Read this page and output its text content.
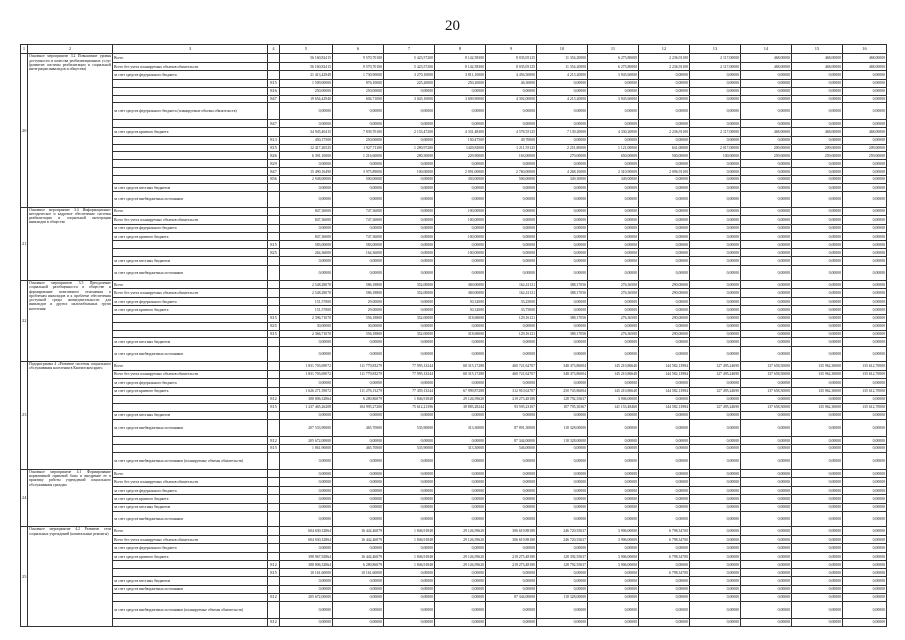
20
1	2	3	4	5	6	7	8	9	10	11	12	13	14	15	16
20	Основное мероприятие 3.2 Повышение уровня доступности и качества реабилитационных услуг (развитие системы реабилитации и социальной интеграции инвалидов и общества)	Всего		56 160,82415	9 570,70100	5 423,57200	8 142,58300	8 035,05125	11 354,20000	6 275,80000	2 236,91100	2 117,00000	468,00000	468,00000	468,00000
		Всего без учета планируемых объемов обязательств		56 160,82415	9 570,70100	5 423,57200	8 142,58300	8 035,05125	11 354,20000	6 275,80000	2 236,91100	2 117,00000	468,00000	468,00000	468,00000
		за счет средств федерального бюджета		21 413,42940	1 730,90000	3 270,10000	3 811,10000	4 456,50000	4 215,20000	3 945,60000	0,00000	0,00000	0,00000	0,00000	0,00000
			815	1 509,00000	876,10000	225,20000	250,20000	46,30000	0,00000	0,00000	0,00000	0,00000	0,00000	0,00000	0,00000
			816	250,00000	250,00000	0,00000	0,00000	0,00000	0,00000	0,00000	0,00000	0,00000	0,00000	0,00000	0,00000
			847	19 654,42940	604,71000	3 045,10000	3 609,90000	4 392,00000	4 215,20000	3 945,60000	0,00000	0,00000	0,00000	0,00000	0,00000
		за счет средств федерального бюджета (планируемые объемы обязательств)		0,00000	0,00000	0,00000	0,00000	0,00000	0,00000	0,00000	0,00000	0,00000	0,00000	0,00000	0,00000
			847	0,00000	0,00000	0,00000	0,00000	0,00000	0,00000	0,00000	0,00000	0,00000	0,00000	0,00000	0,00000
		за счет средств краевого бюджета		34 945,40415	7 839,70100	2 153,47200	4 331,48300	4 578,55125	7 139,20000	4 330,20000	2 236,91100	2 117,00000	468,00000	468,00000	468,00000
			813	450,17500	250,00000	0,00000	150,47500	49,70000	0,00000	0,00000	0,00000	0,00000	0,00000	0,00000	0,00000
			815	12 417,26525	1 927,71100	1 280,97200	1429,82000	1 211,55125	2 251,80000	1 121,00000	641,00000	2 017,00000	209,00000	209,00000	209,00000
			826	6 391,10000	1 216,60000	280,50000	229,90000	163,00000	270,00000	650,00000	500,00000	100,00000	259,00000	259,00000	259,00000
			829	0,00000	0,00000	0,00000	0,00000	0,00000	0,00000	0,00000	0,00000	0,00000	0,00000	0,00000	0,00000
			847	15 490,16490	3 975,89000	100,00000	2 091,00000	2 760,00000	4 268,10000	2 310,90000	2 096,91100	0,00000	0,00000	0,00000	0,00000
			856	2 948,00000	500,00000	0,00000	350,00000	500,00000	349,30000	349,00000	0,00000	0,00000	0,00000	0,00000	0,00000
		за счет средств местных бюджетов		0,00000	0,00000	0,00000	0,00000	0,00000	0,00000	0,00000	0,00000	0,00000	0,00000	0,00000	0,00000
		за счет средств внебюджетных источников		0,00000	0,00000	0,00000	0,00000	0,00000	0,00000	0,00000	0,00000	0,00000	0,00000	0,00000	0,00000
21	Основное мероприятие 3.4 Информационно-методическое и кадровое обеспечение системы реабилитации и социальной интеграции инвалидов в общество	Всего		847,36000	747,36000	0,00000	100,00000	0,00000	0,00000	0,00000	0,00000	0,00000	0,00000	0,00000	0,00000
		Всего без учета планируемых объемов обязательств		847,36000	747,36000	0,00000	100,00000	0,00000	0,00000	0,00000	0,00000	0,00000	0,00000	0,00000	0,00000
		за счет средств федерального бюджета		0,00000	0,00000	0,00000	0,00000	0,00000	0,00000	0,00000	0,00000	0,00000	0,00000	0,00000	0,00000
		за счет средств краевого бюджета		847,36000	747,36000	0,00000	100,00000	0,00000	0,00000	0,00000	0,00000	0,00000	0,00000	0,00000	0,00000
			815	583,00000	583,00000	0,00000	0,00000	0,00000	0,00000	0,00000	0,00000	0,00000	0,00000	0,00000	0,00000
			825	264,36000	164,36000	0,00000	100,00000	0,00000	0,00000	0,00000	0,00000	0,00000	0,00000	0,00000	0,00000
		за счет средств местных бюджетов		0,00000	0,00000	0,00000	0,00000	0,00000	0,00000	0,00000	0,00000	0,00000	0,00000	0,00000	0,00000
		за счет средств внебюджетных источников		0,00000	0,00000	0,00000	0,00000	0,00000	0,00000	0,00000	0,00000	0,00000	0,00000	0,00000	0,00000
22	Основное мероприятие 3.5 Преодоление социальной разобщенности в обществе и формирование позитивного отношения к проблемам инвалидов и к проблеме обеспечения доступной среды жизнедеятельности для инвалидов и других маломобильных групп населения	Всего		2 548,28070	586,18800	352,00000	369,00000	162,41121	388,17056	276,36500	290,00000	0,00000	0,00000	0,00000	0,00000
		Всего без учета планируемых объемов обязательств		2 548,28070	586,18800	352,00000	369,00000	162,41121	388,17056	276,36500	290,00000	0,00000	0,00000	0,00000	0,00000
		за счет средств федерального бюджета		151,57000	29,00000	0,00000	50,32000	33,25000	0,00000	0,00000	0,00000	0,00000	0,00000	0,00000	0,00000
		за счет средств краевого бюджета		151,57000	29,00000	0,00000	50,32000	33,75000	0,00000	0,00000	0,00000	0,00000	0,00000	0,00000	0,00000
			815	2 396,71070	556,18800	352,00000	318,68000	129,16121	388,17056	276,36500	290,00000	0,00000	0,00000	0,00000	0,00000
			825	30,00000	30,00000	0,00000	0,00000	0,00000	0,00000	0,00000	0,00000	0,00000	0,00000	0,00000	0,00000
			815	2 366,71070	556,18800	352,00000	318,68000	129,16121	388,17056	276,36500	290,00000	0,00000	0,00000	0,00000	0,00000
		за счет средств местных бюджетов		0,00000	0,00000	0,00000	0,00000	0,00000	0,00000	0,00000	0,00000	0,00000	0,00000	0,00000	0,00000
		за счет средств внебюджетных источников		0,00000	0,00000	0,00000	0,00000	0,00000	0,00000	0,00000	0,00000	0,00000	0,00000	0,00000	0,00000
23	Подпрограмма 4 «Развитие системы социального обслуживания населения в Камчатском крае»	Всего		1 831 703,69072	111 779,83279	77 995,13244	68 315,17288	460 721,62707	348 473,86004	145 210,86640	144 582,13984	127 495,24690	137 658,50000	135 962,30000	135 612,70000
		Всего без учета планируемых объемов обязательств		1 831 703,69072	111 779,83279	77 995,13244	68 315,17288	460 721,62707	348 473,86004	145 210,86640	144 582,13984	127 495,24690	137 658,50000	135 962,30000	135 612,70000
		за счет средств федерального бюджета		0,00000	0,00000	0,00000	0,00000	0,00000	0,00000	0,00000	0,00000	0,00000	0,00000	0,00000	0,00000
		за счет средств краевого бюджета		1 626 271,59072	111 276,13279	77 459,13244	67 999,87288	312 910,62707	250 745,86004	145 210,86640	144 582,13984	127 495,24690	137 658,50000	135 962,30000	135 612,70000
			812	388 806,32864	6 280,86079	1 846,91848	29 126,59620	219 273,48180	128 792,55637	3 906,00000	0,00000	0,00000	0,00000	0,00000	0,00000
			815	1 237 465,26208	104 995,27200	75 612,21396	38 883,28244	93 595,23107	107 795,30367	141 153,48460	144 582,13984	127 495,24690	137 658,50000	135 962,30000	135 612,70000
		за счет средств местных бюджетов		0,00000	0,00000	0,00000	0,00000	0,00000	0,00000	0,00000	0,00000	0,00000	0,00000	0,00000	0,00000
		за счет средств внебюджетных источников		207 533,90000	465,70000	535,90000	313,30000	87 891,30000	118 328,00000	0,00000	0,00000	0,00000	0,00000	0,00000	0,00000
			812	205 672,00000	0,00000	0,00000	0,00000	87 344,00000	118 328,00000	0,00000	0,00000	0,00000	0,00000	0,00000	0,00000
			815	1 861,90000	465,70000	535,90000	313,30000	546,00000	0,00000	0,00000	0,00000	0,00000	0,00000	0,00000	0,00000
		за счет средств внебюджетных источников (планируемые объемы обязательств)		0,00000	0,00000	0,00000	0,00000	0,00000	0,00000	0,00000	0,00000	0,00000	0,00000	0,00000	0,00000
24	Основное мероприятие 4.1 Формирование нормативной правовой базы и внедрение ее в практику работы учреждений социального обслуживания граждан	Всего		0,00000	0,00000	0,00000	0,00000	0,00000	0,00000	0,00000	0,00000	0,00000	0,00000	0,00000	0,00000
		Всего без учета планируемых объемов обязательств		0,00000	0,00000	0,00000	0,00000	0,00000	0,00000	0,00000	0,00000	0,00000	0,00000	0,00000	0,00000
		за счет средств федерального бюджета		0,00000	0,00000	0,00000	0,00000	0,00000	0,00000	0,00000	0,00000	0,00000	0,00000	0,00000	0,00000
		за счет средств краевого бюджета		0,00000	0,00000	0,00000	0,00000	0,00000	0,00000	0,00000	0,00000	0,00000	0,00000	0,00000	0,00000
		за счет средств местных бюджетов		0,00000	0,00000	0,00000	0,00000	0,00000	0,00000	0,00000	0,00000	0,00000	0,00000	0,00000	0,00000
		за счет средств внебюджетных источников		0,00000	0,00000	0,00000	0,00000	0,00000	0,00000	0,00000	0,00000	0,00000	0,00000	0,00000	0,00000
25	Основное мероприятие 4.2 Развитие сети социальных учреждений (капитальные ремонты)	Всего		604 630,32864	16 442,46079	1 846,91848	29 126,59620	306 619,88180	246 720,55637	3 906,00000	6 798,34700	0,00000	0,00000	0,00000	0,00000
		Всего без учета планируемых объемов обязательств		604 630,32864	16 442,46079	1 846,91848	29 126,59620	306 619,88180	246 720,55637	3 906,00000	6 798,34700	0,00000	0,00000	0,00000	0,00000
		за счет средств федерального бюджета		0,00000	0,00000	0,00000	0,00000	0,00000	0,00000	0,00000	0,00000	0,00000	0,00000	0,00000	0,00000
		за счет средств краевого бюджета		398 967,92864	16 442,46079	1 846,91848	29 126,59620	219 275,48180	128 392,55637	3 906,00000	6 798,34700	0,00000	0,00000	0,00000	0,00000
			812	388 806,32864	6 280,86079	1 846,91848	29 126,59620	219 273,48180	128 792,55637	3 906,00000	0,00000	0,00000	0,00000	0,00000	0,00000
			815	10 161,60000	10 161,60000	0,00000	0,00000	0,00000	0,00000	0,00000	6 798,34700	0,00000	0,00000	0,00000	0,00000
		за счет средств местных бюджетов		0,00000	0,00000	0,00000	0,00000	0,00000	0,00000	0,00000	0,00000	0,00000	0,00000	0,00000	0,00000
		за счет средств внебюджетных источников		0,00000	0,00000	0,00000	0,00000	0,00000	0,00000	0,00000	0,00000	0,00000	0,00000	0,00000	0,00000
			812	205 672,00000	0,00000	0,00000	0,00000	87 344,00000	118 328,00000	0,00000	0,00000	0,00000	0,00000	0,00000	0,00000
		за счет средств внебюджетных источников (планируемые объемы обязательств)		0,00000	0,00000	0,00000	0,00000	0,00000	0,00000	0,00000	0,00000	0,00000	0,00000	0,00000	0,00000
			812	0,00000	0,00000	0,00000	0,00000	0,00000	0,00000	0,00000	0,00000	0,00000	0,00000	0,00000	0,00000
